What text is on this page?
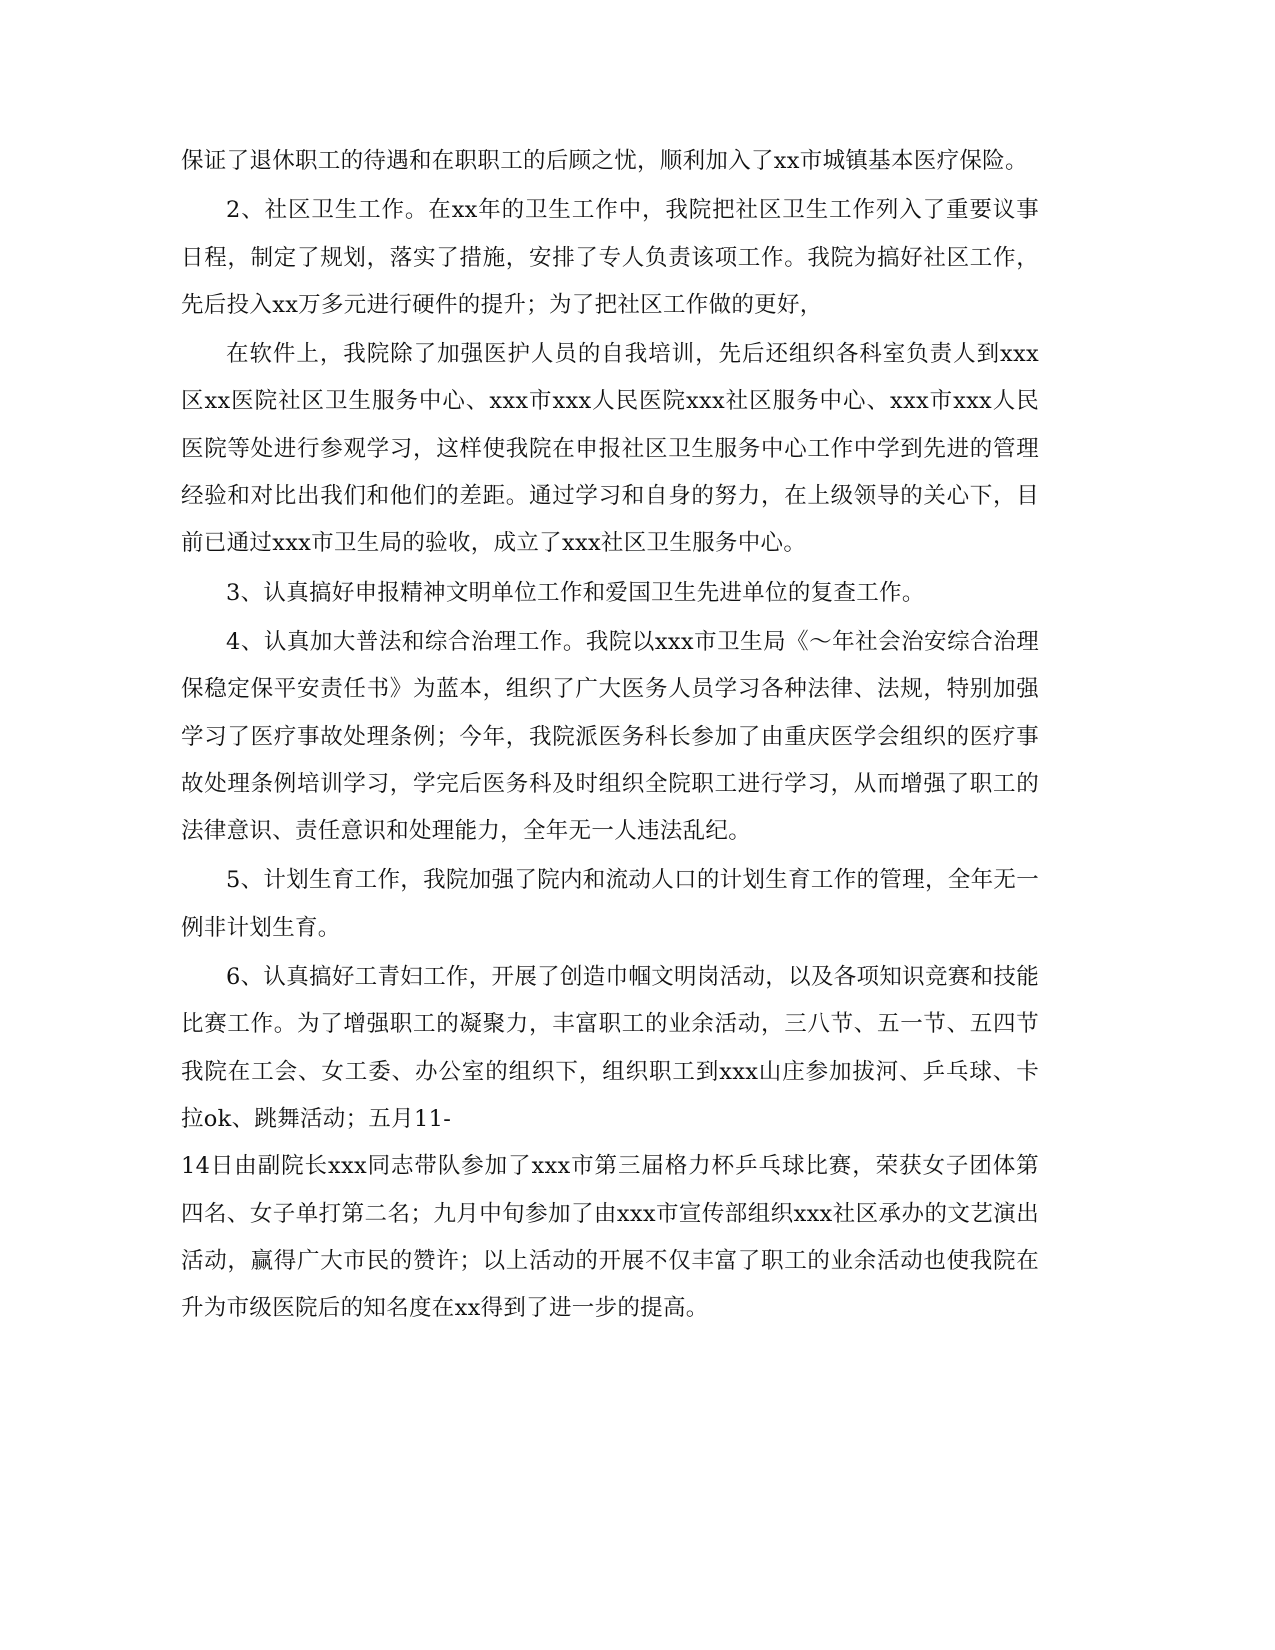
保证了退休职工的待遇和在职职工的后顾之忧，顺利加入了xx市城镇基本医疗保险。

2、社区卫生工作。在xx年的卫生工作中，我院把社区卫生工作列入了重要议事日程，制定了规划，落实了措施，安排了专人负责该项工作。我院为搞好社区工作，先后投入xx万多元进行硬件的提升；为了把社区工作做的更好，

在软件上，我院除了加强医护人员的自我培训，先后还组织各科室负责人到xxx区xx医院社区卫生服务中心、xxx市xxx人民医院xxx社区服务中心、xxx市xxx人民医院等处进行参观学习，这样使我院在申报社区卫生服务中心工作中学到先进的管理经验和对比出我们和他们的差距。通过学习和自身的努力，在上级领导的关心下，目前已通过xxx市卫生局的验收，成立了xxx社区卫生服务中心。

3、认真搞好申报精神文明单位工作和爱国卫生先进单位的复查工作。

4、认真加大普法和综合治理工作。我院以xxx市卫生局《～年社会治安综合治理保稳定保平安责任书》为蓝本，组织了广大医务人员学习各种法律、法规，特别加强学习了医疗事故处理条例；今年，我院派医务科长参加了由重庆医学会组织的医疗事故处理条例培训学习，学完后医务科及时组织全院职工进行学习，从而增强了职工的法律意识、责任意识和处理能力，全年无一人违法乱纪。

5、计划生育工作，我院加强了院内和流动人口的计划生育工作的管理，全年无一例非计划生育。

6、认真搞好工青妇工作，开展了创造巾帼文明岗活动，以及各项知识竞赛和技能比赛工作。为了增强职工的凝聚力，丰富职工的业余活动，三八节、五一节、五四节我院在工会、女工委、办公室的组织下，组织职工到xxx山庄参加拔河、乒乓球、卡拉ok、跳舞活动；五月11-

14日由副院长xxx同志带队参加了xxx市第三届格力杯乒乓球比赛，荣获女子团体第四名、女子单打第二名；九月中旬参加了由xxx市宣传部组织xxx社区承办的文艺演出活动，赢得广大市民的赞许；以上活动的开展不仅丰富了职工的业余活动也使我院在升为市级医院后的知名度在xx得到了进一步的提高。
